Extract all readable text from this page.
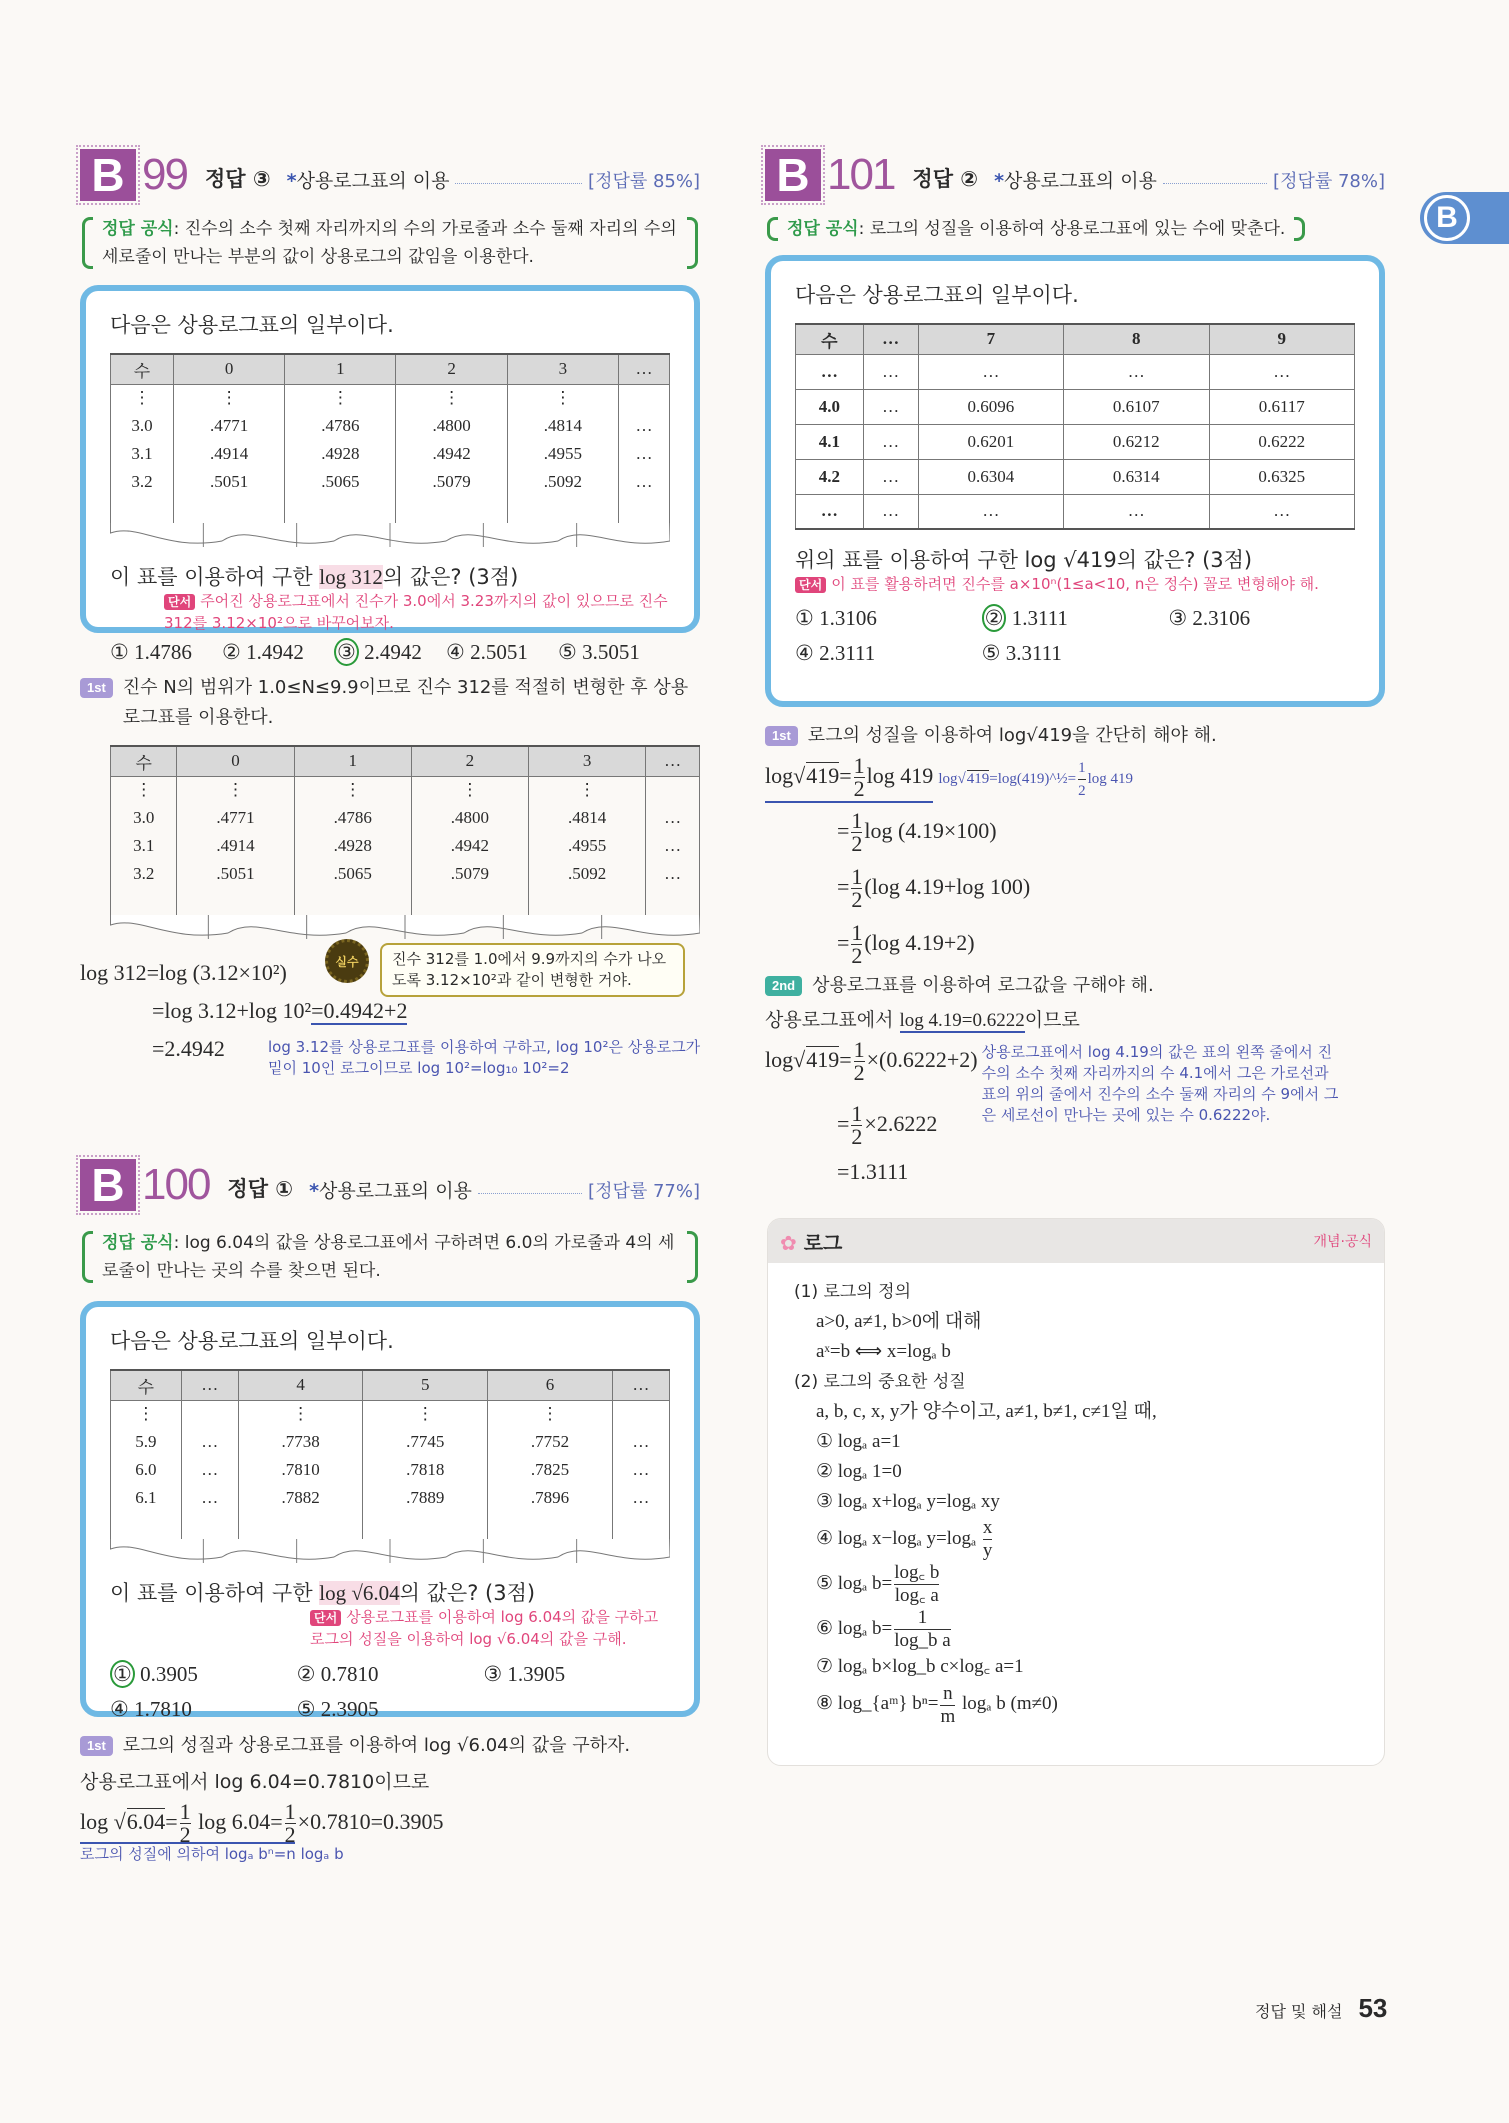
B
B 99 정답 ③ *상용로그표의 이용	[정답률 85%]
정답 공식: 진수의 소수 첫째 자리까지의 수의 가로줄과 소수 둘째 자리의 수의 세로줄이 만나는 부분의 값이 상용로그의 값임을 이용한다.
다음은 상용로그표의 일부이다.
수	0	1	2	3	…
⋮	⋮	⋮	⋮	⋮	
3.0	.4771	.4786	.4800	.4814	…
3.1	.4914	.4928	.4942	.4955	…
3.2	.5051	.5065	.5079	.5092	…

이 표를 이용하여 구한 log 312의 값은? (3점)
단서 주어진 상용로그표에서 진수가 3.0에서 3.23까지의 값이 있으므로 진수 312를 3.12×10²으로 바꾸어보자.
① 1.4786	② 1.4942	③ 2.4942	④ 2.5051	⑤ 3.5051
1st 진수 N의 범위가 1.0≤N≤9.9이므로 진수 312를 적절히 변형한 후 상용로그표를 이용한다.
수	0	1	2	3	…
⋮	⋮	⋮	⋮	⋮	
3.0	.4771	.4786	.4800	.4814	…
3.1	.4914	.4928	.4942	.4955	…
3.2	.5051	.5065	.5079	.5092	…

log 312=log (3.12×10²)	실수	진수 312를 1.0에서 9.9까지의 수가 나오도록 3.12×10²과 같이 변형한 거야.
=log 3.12+log 10²=0.4942+2
=2.4942	log 3.12를 상용로그표를 이용하여 구하고, log 10²은 상용로그가 밑이 10인 로그이므로 log 10²=log₁₀ 10²=2
B 100 정답 ① *상용로그표의 이용	[정답률 77%]
정답 공식: log 6.04의 값을 상용로그표에서 구하려면 6.0의 가로줄과 4의 세로줄이 만나는 곳의 수를 찾으면 된다.
다음은 상용로그표의 일부이다.
수	…	4	5	6	…
⋮		⋮	⋮	⋮	
5.9	…	.7738	.7745	.7752	…
6.0	…	.7810	.7818	.7825	…
6.1	…	.7882	.7889	.7896	…

이 표를 이용하여 구한 log √6.04의 값은? (3점)
단서 상용로그표를 이용하여 log 6.04의 값을 구하고 로그의 성질을 이용하여 log √6.04의 값을 구해.
① 0.3905	② 0.7810	③ 1.3905
④ 1.7810	⑤ 2.3905
1st 로그의 성질과 상용로그표를 이용하여 log √6.04의 값을 구하자.
상용로그표에서 log 6.04=0.7810이므로
$\log √6.04= \frac{1}{2}$ $\log 6.04= \frac{1}{2} \times 0.7810=0.3905$
로그의 성질에 의하여 logₐ bⁿ=n logₐ b
B 101 정답 ② *상용로그표의 이용	[정답률 78%]
정답 공식: 로그의 성질을 이용하여 상용로그표에 있는 수에 맞춘다.
다음은 상용로그표의 일부이다.
수	…	7	8	9
…	…	…	…	…
4.0	…	0.6096	0.6107	0.6117
4.1	…	0.6201	0.6212	0.6222
4.2	…	0.6304	0.6314	0.6325
…	…	…	…	…
위의 표를 이용하여 구한 log √419의 값은? (3점)
단서 이 표를 활용하려면 진수를 a×10ⁿ(1≤a<10, n은 정수) 꼴로 변형해야 해.
① 1.3106	② 1.3111	③ 2.3106
④ 2.3111	⑤ 3.3111
1st 로그의 성질을 이용하여 log√419을 간단히 해야 해.
$\log√419= \frac{1}{2}$ log 419 log√419=log(419)^½= $\frac{1}{2}$ log 419
= $\frac{1}{2}$ log (4.19×100)
= $\frac{1}{2} (\log$ 4.19+log 100)
= $\frac{1}{2} (\log$ 4.19+2)
2nd 상용로그표를 이용하여 로그값을 구해야 해.
상용로그표에서 log 4.19=0.6222이므로
$\log√419= \frac{1}{2} \times(0.6222+2)$ 상용로그표에서 log 4.19의 값은 표의 왼쪽 줄에서 진수의 소수 첫째 자리까지의 수 4.1에서 그은 가로선과 표의 위의 줄에서 진수의 소수 둘째 자리의 수 9에서 그은 세로선이 만나는 곳에 있는 수 0.6222야.
= $\frac{1}{2} \times 2.6222$
=1.3111
✿ 로그	개념·공식
(1) 로그의 정의
a>0, a≠1, b>0에 대해
aˣ=b ⟺ x=logₐ b
(2) 로그의 중요한 성질
a, b, c, x, y가 양수이고, a≠1, b≠1, c≠1일 때,
① logₐ a=1
② logₐ 1=0
③ logₐ x+logₐ y=logₐ xy
④ logₐ x−logₐ $y=\log_a \frac{x}{y}$
⑤ logₐ $b= \frac{\log꜀ b}{\log꜀ a}$
⑥ logₐ $b= \frac{1}{\text{log\_b a}}$
⑦ logₐ b×log_b c×log꜀ a=1
⑧ log_{aᵐ} $b^n= \frac{n}{m}$ logₐ b (m≠0)
정답 및 해설 53
